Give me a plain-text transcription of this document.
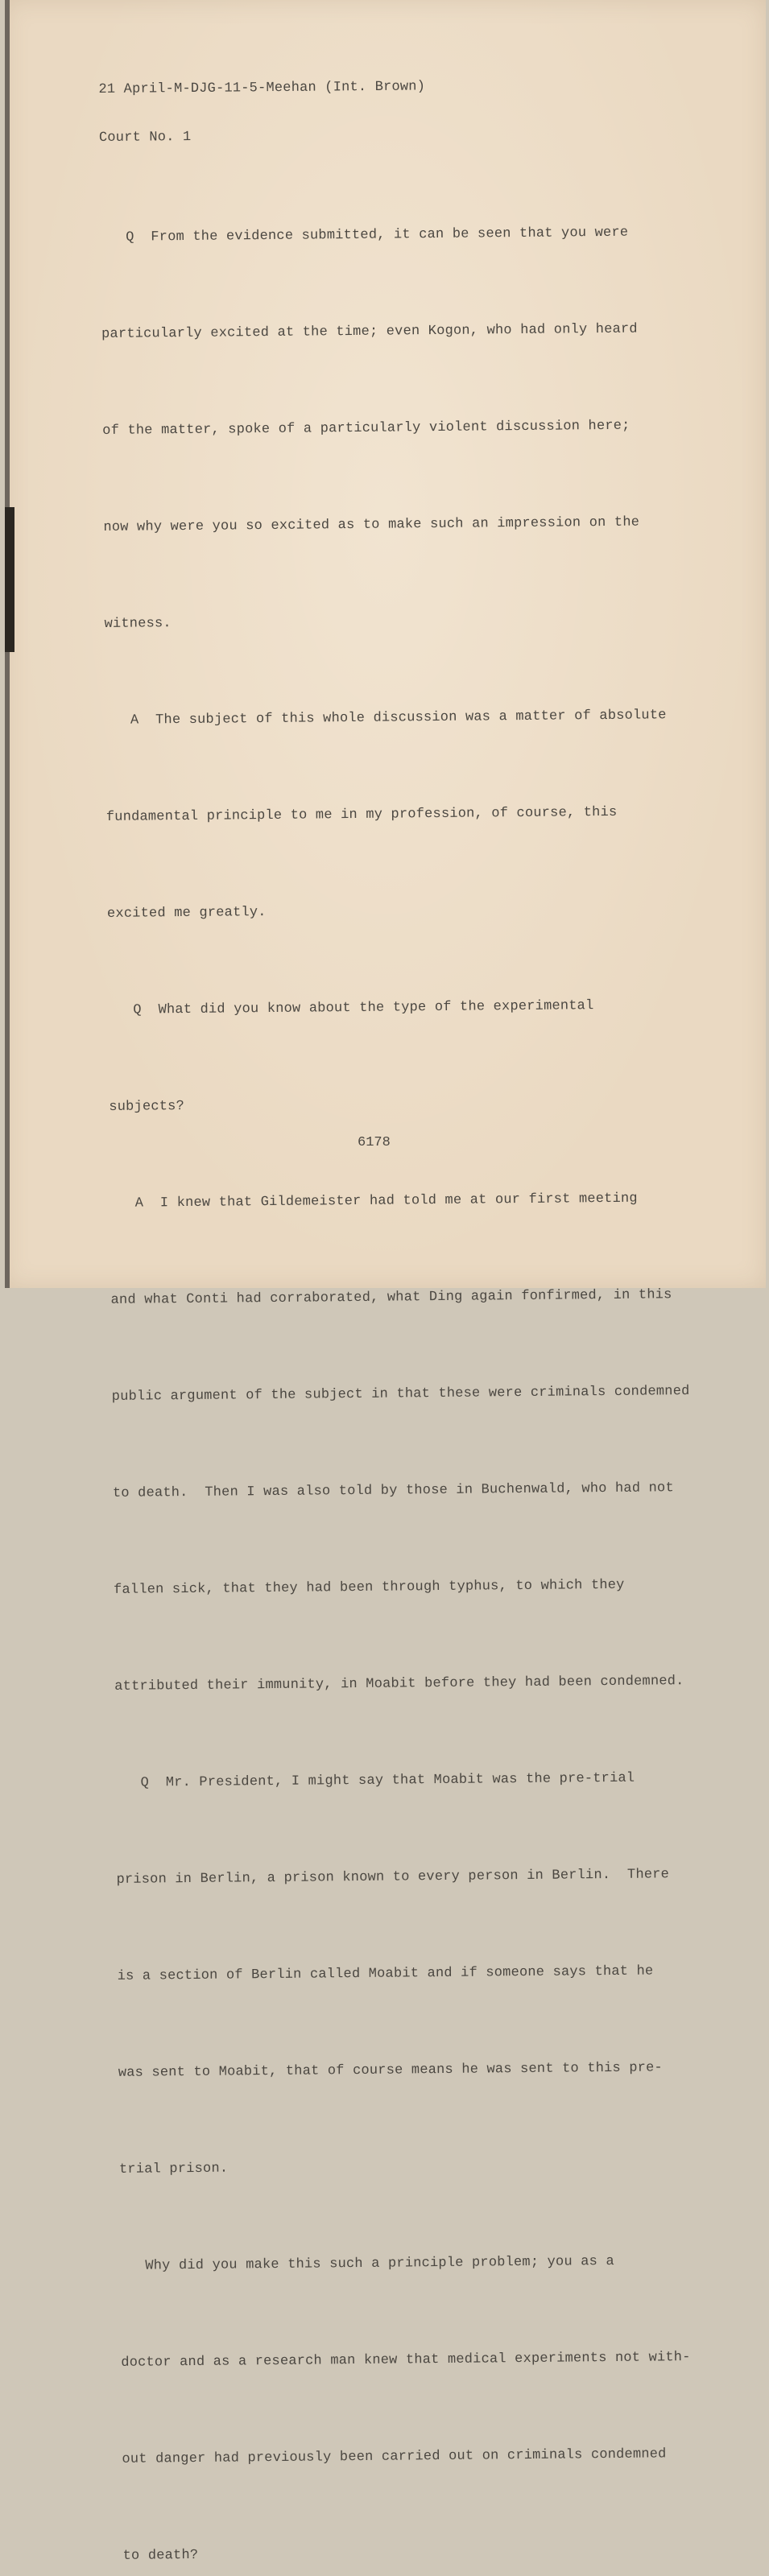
21 April-M-DJG-11-5-Meehan (Int. Brown)

Court No. 1

Q  From the evidence submitted, it can be seen that you were

particularly excited at the time; even Kogon, who had only heard

of the matter, spoke of a particularly violent discussion here;

now why were you so excited as to make such an impression on the

witness.

A  The subject of this whole discussion was a matter of absolute

fundamental principle to me in my profession, of course, this

excited me greatly.

Q  What did you know about the type of the experimental

subjects?

A  I knew that Gildemeister had told me at our first meeting

and what Conti had corraborated, what Ding again fonfirmed, in this

public argument of the subject in that these were criminals condemned

to death.  Then I was also told by those in Buchenwald, who had not

fallen sick, that they had been through typhus, to which they

attributed their immunity, in Moabit before they had been condemned.

Q  Mr. President, I might say that Moabit was the pre-trial

prison in Berlin, a prison known to every person in Berlin.  There

is a section of Berlin called Moabit and if someone says that he

was sent to Moabit, that of course means he was sent to this pre-

trial prison.

Why did you make this such a principle problem; you as a

doctor and as a research man knew that medical experiments not with-

out danger had previously been carried out on criminals condemned

to death?

6178
